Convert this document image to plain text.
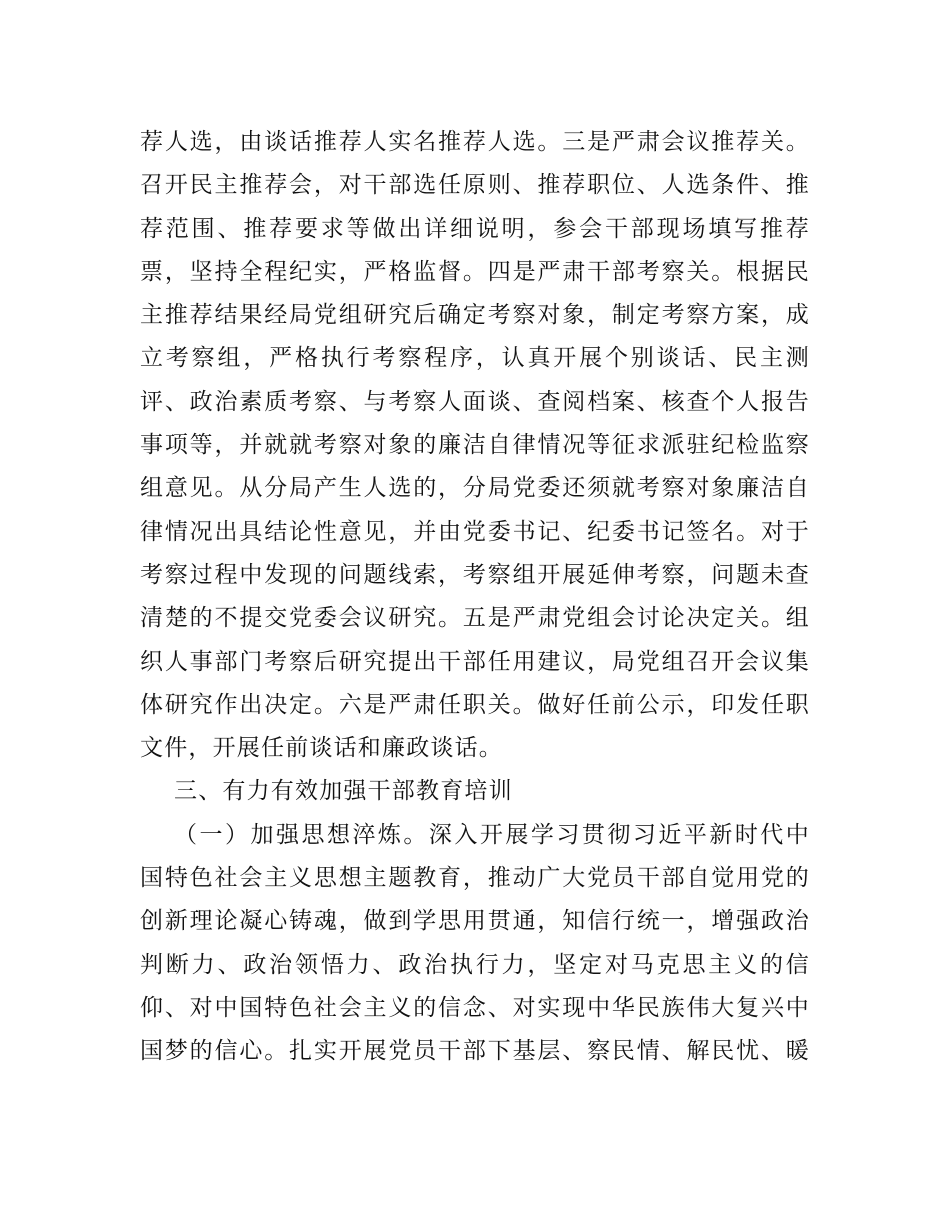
荐人选，由谈话推荐人实名推荐人选。三是严肃会议推荐关。
召开民主推荐会，对干部选任原则、推荐职位、人选条件、推
荐范围、推荐要求等做出详细说明，参会干部现场填写推荐
票，坚持全程纪实，严格监督。四是严肃干部考察关。根据民
主推荐结果经局党组研究后确定考察对象，制定考察方案，成
立考察组，严格执行考察程序，认真开展个别谈话、民主测
评、政治素质考察、与考察人面谈、查阅档案、核查个人报告
事项等，并就就考察对象的廉洁自律情况等征求派驻纪检监察
组意见。从分局产生人选的，分局党委还须就考察对象廉洁自
律情况出具结论性意见，并由党委书记、纪委书记签名。对于
考察过程中发现的问题线索，考察组开展延伸考察，问题未查
清楚的不提交党委会议研究。五是严肃党组会讨论决定关。组
织人事部门考察后研究提出干部任用建议，局党组召开会议集
体研究作出决定。六是严肃任职关。做好任前公示，印发任职
文件，开展任前谈话和廉政谈话。
三、有力有效加强干部教育培训
（一）加强思想淬炼。深入开展学习贯彻习近平新时代中
国特色社会主义思想主题教育，推动广大党员干部自觉用党的
创新理论凝心铸魂，做到学思用贯通，知信行统一，增强政治
判断力、政治领悟力、政治执行力，坚定对马克思主义的信
仰、对中国特色社会主义的信念、对实现中华民族伟大复兴中
国梦的信心。扎实开展党员干部下基层、察民情、解民忧、暖
